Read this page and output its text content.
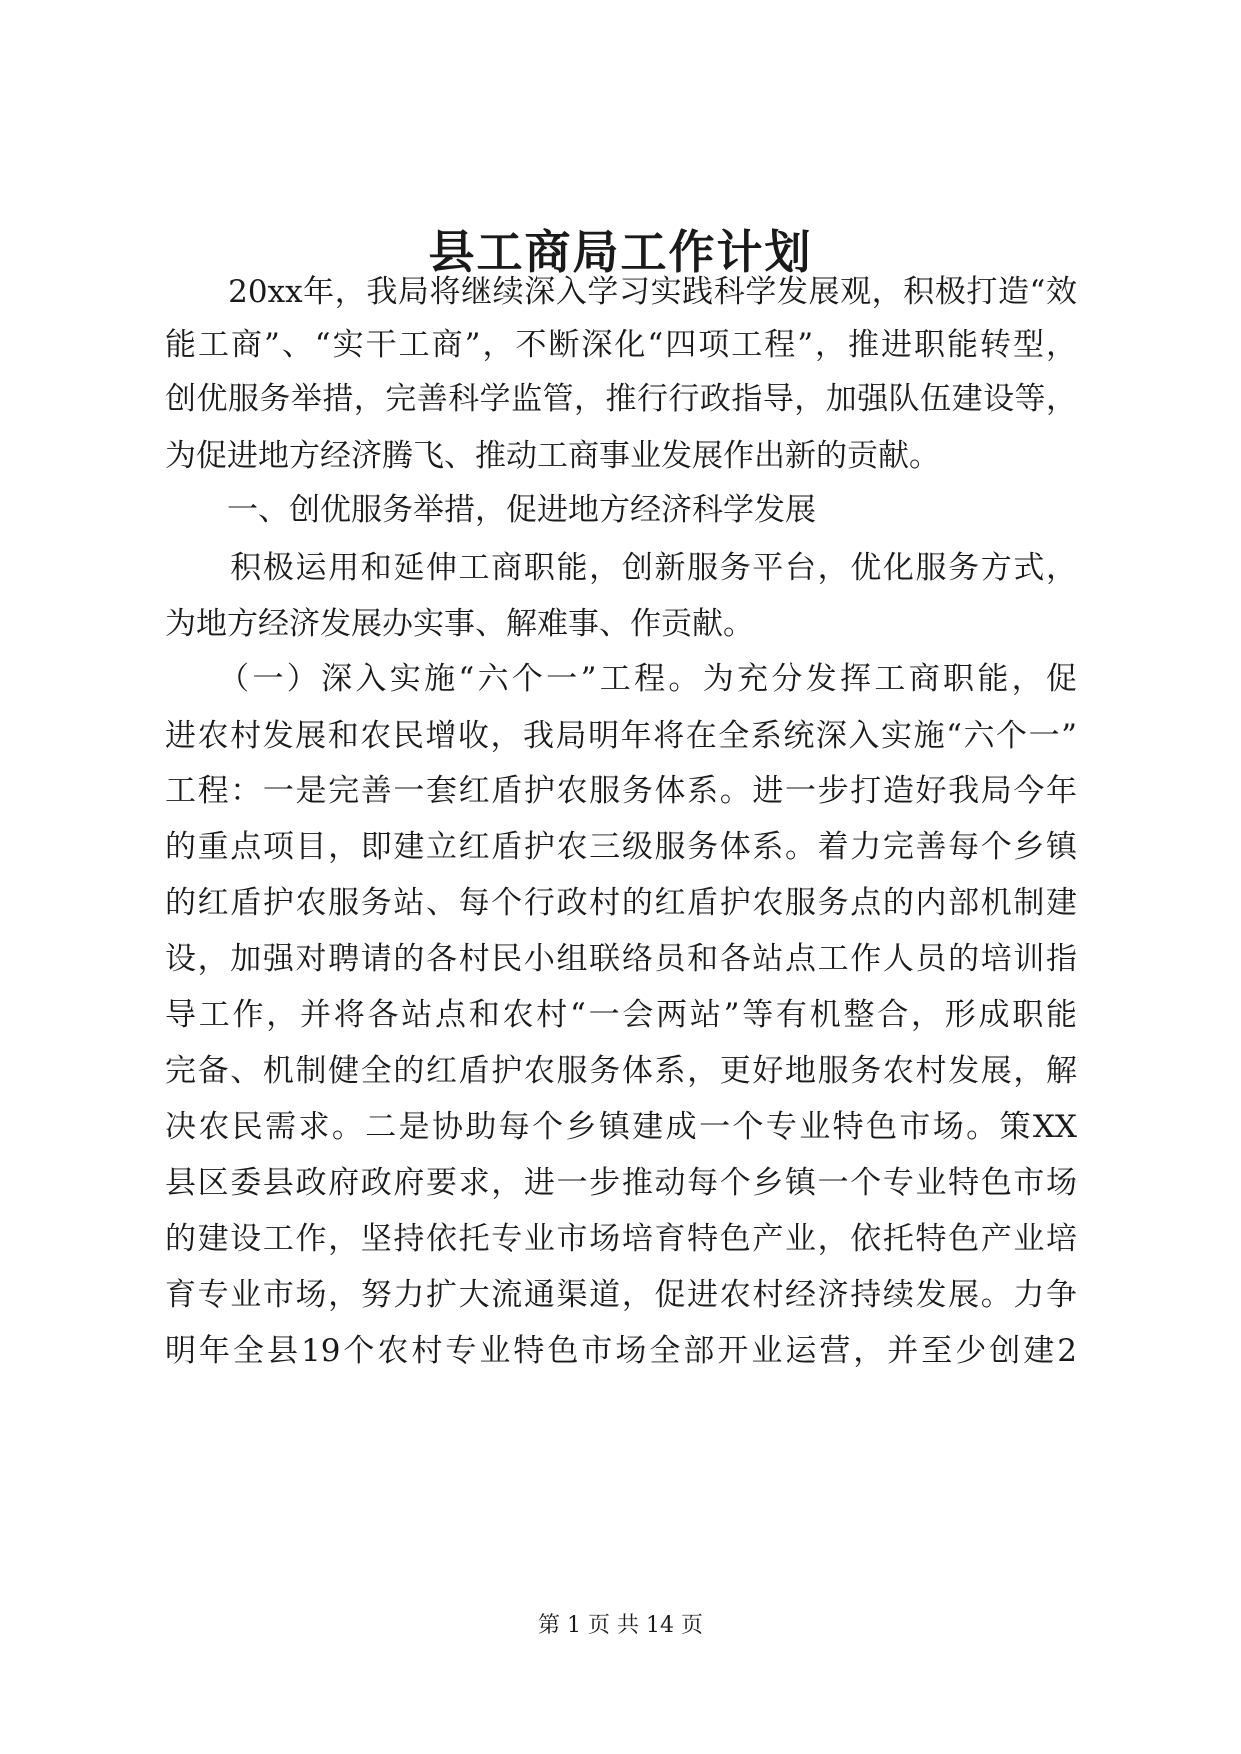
县工商局工作计划
　　20xx年，我局将继续深入学习实践科学发展观，积极打造“效
能工商”、“实干工商”，不断深化“四项工程”，推进职能转型，
创优服务举措，完善科学监管，推行行政指导，加强队伍建设等，
为促进地方经济腾飞、推动工商事业发展作出新的贡献。
　　一、创优服务举措，促进地方经济科学发展
　　积极运用和延伸工商职能，创新服务平台，优化服务方式，
为地方经济发展办实事、解难事、作贡献。
　　（一）深入实施“六个一”工程。为充分发挥工商职能，促
进农村发展和农民增收，我局明年将在全系统深入实施“六个一”
工程：一是完善一套红盾护农服务体系。进一步打造好我局今年
的重点项目，即建立红盾护农三级服务体系。着力完善每个乡镇
的红盾护农服务站、每个行政村的红盾护农服务点的内部机制建
设，加强对聘请的各村民小组联络员和各站点工作人员的培训指
导工作，并将各站点和农村“一会两站”等有机整合，形成职能
完备、机制健全的红盾护农服务体系，更好地服务农村发展，解
决农民需求。二是协助每个乡镇建成一个专业特色市场。策XX
县区委县政府政府要求，进一步推动每个乡镇一个专业特色市场
的建设工作，坚持依托专业市场培育特色产业，依托特色产业培
育专业市场，努力扩大流通渠道，促进农村经济持续发展。力争
明年全县19个农村专业特色市场全部开业运营，并至少创建2
第 1 页 共 14 页
